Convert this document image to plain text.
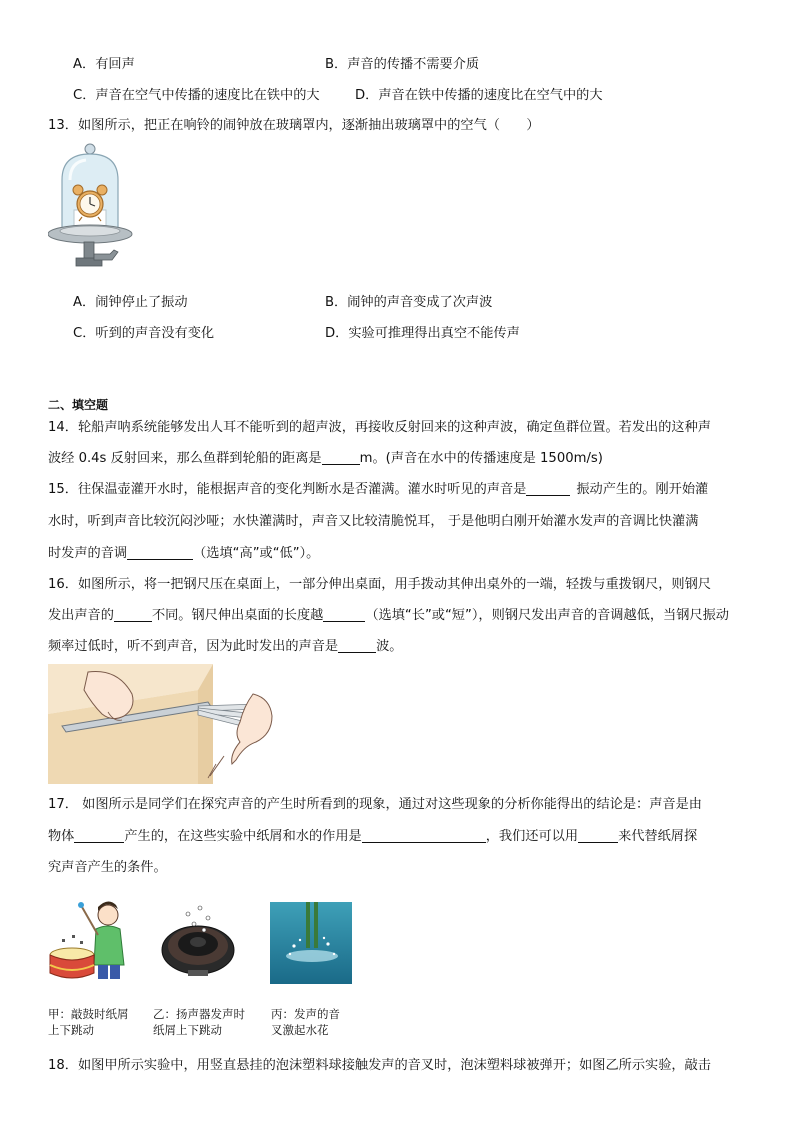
A．有回声	B．声音的传播不需要介质
C．声音在空气中传播的速度比在铁中的大	D．声音在铁中传播的速度比在空气中的大
13．如图所示，把正在响铃的闹钟放在玻璃罩内，逐渐抽出玻璃罩中的空气（　　）
A．闹钟停止了振动	B．闹钟的声音变成了次声波
C．听到的声音没有变化	D．实验可推理得出真空不能传声
二、填空题
14．轮船声呐系统能够发出人耳不能听到的超声波，再接收反射回来的这种声波，确定鱼群位置。若发出的这种声
波经 0.4s 反射回来，那么鱼群到轮船的距离是	m。(声音在水中的传播速度是 1500m/s)
15．往保温壶灌开水时，能根据声音的变化判断水是否灌满。灌水时听见的声音是	振动产生的。刚开始灌
水时，听到声音比较沉闷沙哑；水快灌满时，声音又比较清脆悦耳， 于是他明白刚开始灌水发声的音调比快灌满
时发声的音调	（选填“高”或“低”）。
16．如图所示，将一把钢尺压在桌面上，一部分伸出桌面，用手拨动其伸出桌外的一端，轻拨与重拨钢尺，则钢尺
发出声音的	不同。钢尺伸出桌面的长度越	（选填“长”或“短”），则钢尺发出声音的音调越低，当钢尺振动
频率过低时，听不到声音，因为此时发出的声音是	波。
17． 如图所示是同学们在探究声音的产生时所看到的现象，通过对这些现象的分析你能得出的结论是：声音是由
物体	产生的，在这些实验中纸屑和水的作用是	，我们还可以用	来代替纸屑探
究声音产生的条件。
甲：敲鼓时纸屑
上下跳动
乙：扬声器发声时
纸屑上下跳动
丙：发声的音
叉激起水花
18．如图甲所示实验中，用竖直悬挂的泡沫塑料球接触发声的音叉时，泡沫塑料球被弹开；如图乙所示实验，敲击
